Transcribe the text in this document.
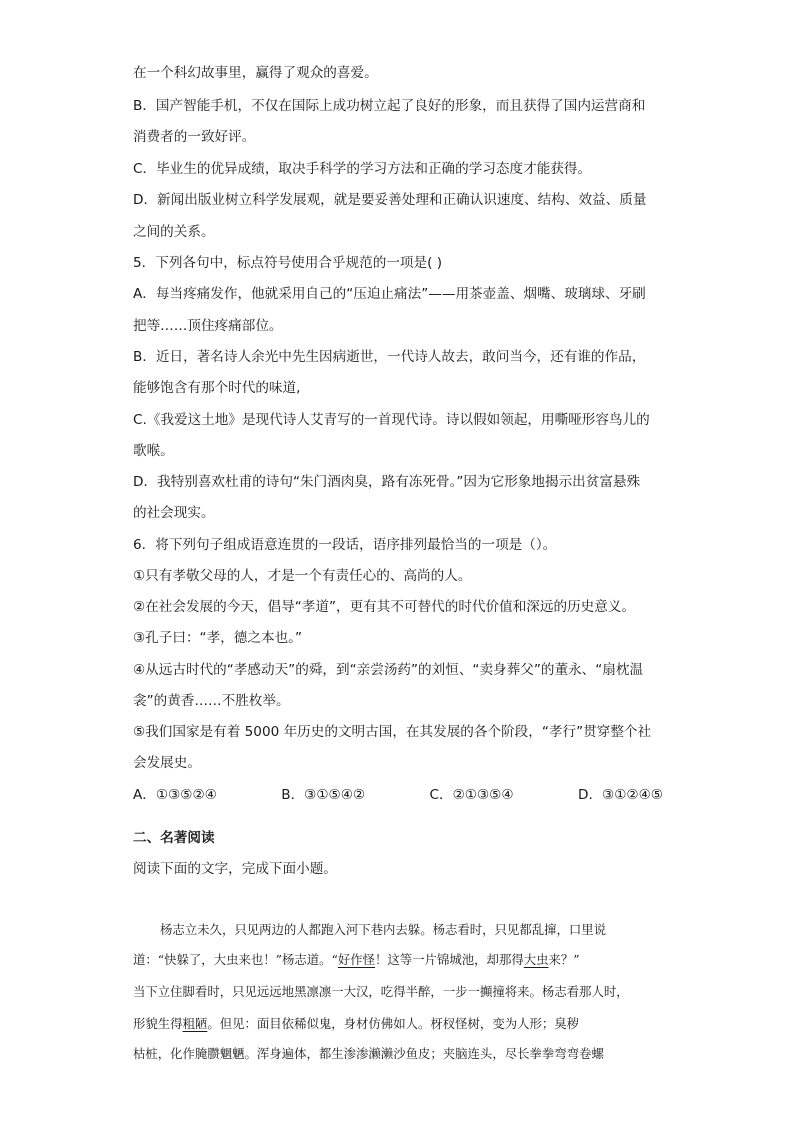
在一个科幻故事里，赢得了观众的喜爱。
B．国产智能手机，不仅在国际上成功树立起了良好的形象，而且获得了国内运营商和
消费者的一致好评。
C．毕业生的优异成绩，取决手科学的学习方法和正确的学习态度才能获得。
D．新闻出版业树立科学发展观，就是要妥善处理和正确认识速度、结构、效益、质量
之间的关系。
5．下列各句中，标点符号使用合乎规范的一项是( )
A．每当疼痛发作，他就采用自己的“压迫止痛法”——用茶壶盖、烟嘴、玻璃球、牙刷
把等……顶住疼痛部位。
B．近日，著名诗人余光中先生因病逝世，一代诗人故去，敢问当今，还有谁的作品，
能够饱含有那个时代的味道,
C.《我爱这土地》是现代诗人艾青写的一首现代诗。诗以假如领起，用嘶哑形容鸟儿的
歌喉。
D．我特别喜欢杜甫的诗句“朱门酒肉臭，路有冻死骨。”因为它形象地揭示出贫富悬殊
的社会现实。
6．将下列句子组成语意连贯的一段话，语序排列最恰当的一项是（）。
①只有孝敬父母的人，才是一个有责任心的、高尚的人。
②在社会发展的今天，倡导“孝道”，更有其不可替代的时代价值和深远的历史意义。
③孔子曰：“孝，德之本也。”
④从远古时代的“孝感动天”的舜，到“亲尝汤药”的刘恒、“卖身葬父”的董永、“扇枕温
衾”的黄香……不胜枚举。
⑤我们国家是有着 5000 年历史的文明古国，在其发展的各个阶段，“孝行”贯穿整个社
会发展史。
A．①③⑤②④	B．③①⑤④②	C．②①③⑤④	D．③①②④⑤
二、名著阅读
阅读下面的文字，完成下面小题。
杨志立未久，只见两边的人都跑入河下巷内去躲。杨志看时，只见都乱撺，口里说
道：“快躲了，大虫来也！”杨志道。“好作怪！这等一片锦城池，却那得大虫来？”
当下立住脚看时，只见远远地黑凛凛一大汉，吃得半醉，一步一攧撞将来。杨志看那人时，
形貌生得粗陋。但见：面目依稀似鬼，身材仿佛如人。枒杈怪树，变为人形；臭秽
枯桩，化作腌臜魍魉。浑身遍体，都生渗渗濑濑沙鱼皮；夹脑连头，尽长拳拳弯弯卷螺
